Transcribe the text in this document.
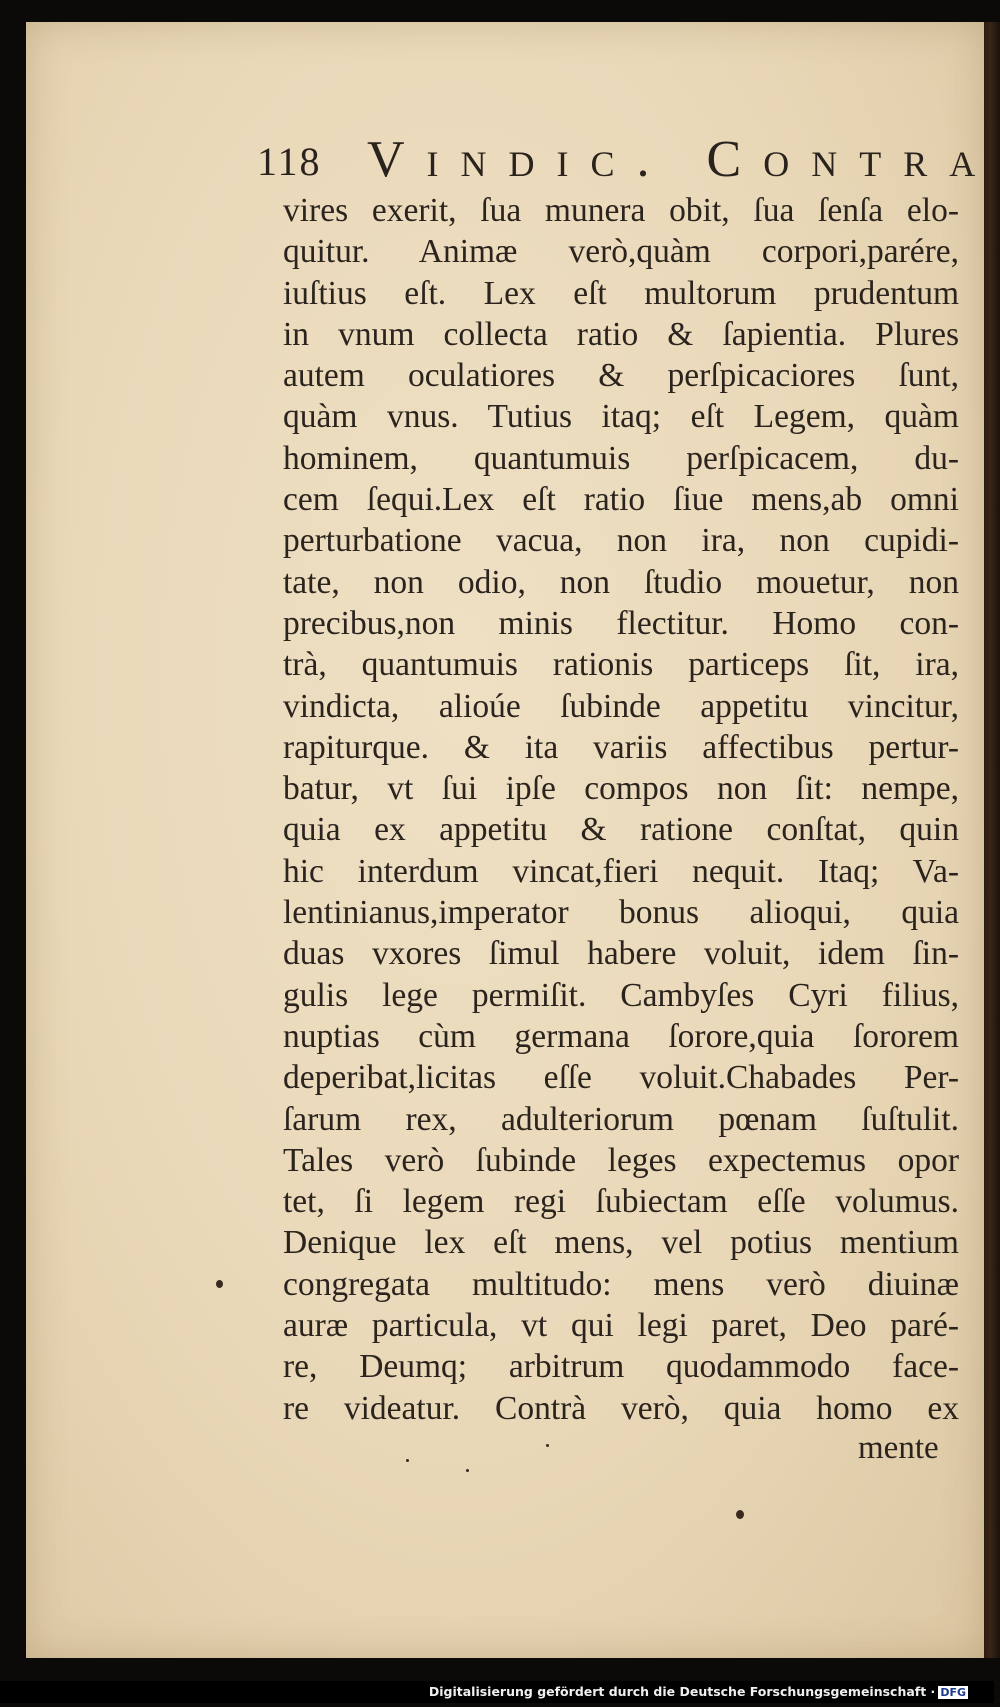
118 Vindic. Contra
vires exerit, ſua munera obit, ſua ſenſa elo-
quitur. Animæ verò,quàm corpori,parére,
iuſtius eſt. Lex eſt multorum prudentum
in vnum collecta ratio & ſapientia. Plures
autem oculatiores & perſpicaciores ſunt,
quàm vnus. Tutius itaq; eſt Legem, quàm
hominem, quantumuis perſpicacem, du-
cem ſequi.Lex eſt ratio ſiue mens,ab omni
perturbatione vacua, non ira, non cupidi-
tate, non odio, non ſtudio mouetur, non
precibus,non minis flectitur. Homo con-
trà, quantumuis rationis particeps ſit, ira,
vindicta, alioúe ſubinde appetitu vincitur,
rapiturque. & ita variis affectibus pertur-
batur, vt ſui ipſe compos non ſit: nempe,
quia ex appetitu & ratione conſtat, quin
hic interdum vincat,fieri nequit. Itaq; Va-
lentinianus,imperator bonus alioqui, quia
duas vxores ſimul habere voluit, idem ſin-
gulis lege permiſit. Cambyſes Cyri filius,
nuptias cùm germana ſorore,quia ſororem
deperibat,licitas eſſe voluit.Chabades Per-
ſarum rex, adulteriorum pœnam ſuſtulit.
Tales verò ſubinde leges expectemus opor
tet, ſi legem regi ſubiectam eſſe volumus.
Denique lex eſt mens, vel potius mentium
congregata multitudo: mens verò diuinæ
auræ particula, vt qui legi paret, Deo paré-
re, Deumq; arbitrum quodammodo face-
re videatur. Contrà verò, quia homo ex
mente
Digitalisierung gefördert durch die Deutsche Forschungsgemeinschaft · DFG
